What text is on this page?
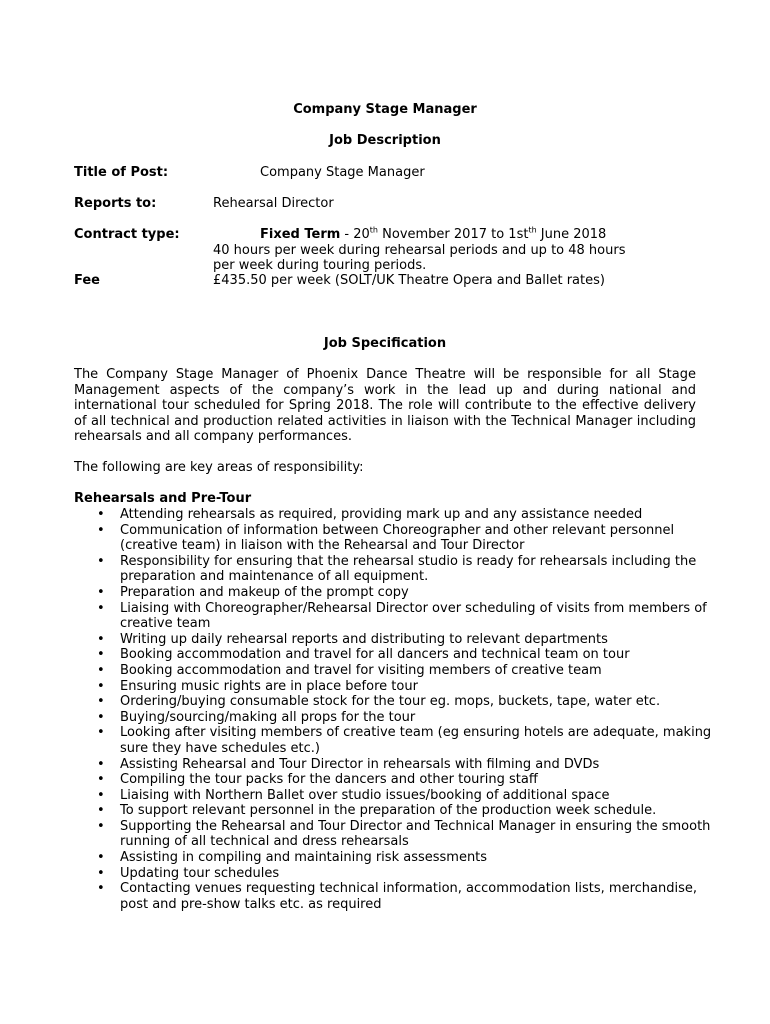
Company Stage Manager
Job Description
Title of Post:	Company Stage Manager
Reports to:	Rehearsal Director
Contract type:	Fixed Term - 20th November 2017 to $1st^{th}$ June 2018
40 hours per week during rehearsal periods and up to 48 hours
per week during touring periods.
Fee	£435.50 per week (SOLT/UK Theatre Opera and Ballet rates)
Job Specification
The Company Stage Manager of Phoenix Dance Theatre will be responsible for all Stage Management aspects of the company’s work in the lead up and during national and international tour scheduled for Spring 2018. The role will contribute to the effective delivery of all technical and production related activities in liaison with the Technical Manager including rehearsals and all company performances.
The following are key areas of responsibility:
Rehearsals and Pre-Tour
• Attending rehearsals as required, providing mark up and any assistance needed
• Communication of information between Choreographer and other relevant personnel (creative team) in liaison with the Rehearsal and Tour Director
• Responsibility for ensuring that the rehearsal studio is ready for rehearsals including the preparation and maintenance of all equipment.
• Preparation and makeup of the prompt copy
• Liaising with Choreographer/Rehearsal Director over scheduling of visits from members of creative team
• Writing up daily rehearsal reports and distributing to relevant departments
• Booking accommodation and travel for all dancers and technical team on tour
• Booking accommodation and travel for visiting members of creative team
• Ensuring music rights are in place before tour
• Ordering/buying consumable stock for the tour eg. mops, buckets, tape, water etc.
• Buying/sourcing/making all props for the tour
• Looking after visiting members of creative team (eg ensuring hotels are adequate, making sure they have schedules etc.)
• Assisting Rehearsal and Tour Director in rehearsals with filming and DVDs
• Compiling the tour packs for the dancers and other touring staff
• Liaising with Northern Ballet over studio issues/booking of additional space
• To support relevant personnel in the preparation of the production week schedule.
• Supporting the Rehearsal and Tour Director and Technical Manager in ensuring the smooth running of all technical and dress rehearsals
• Assisting in compiling and maintaining risk assessments
• Updating tour schedules
• Contacting venues requesting technical information, accommodation lists, merchandise, post and pre-show talks etc. as required
